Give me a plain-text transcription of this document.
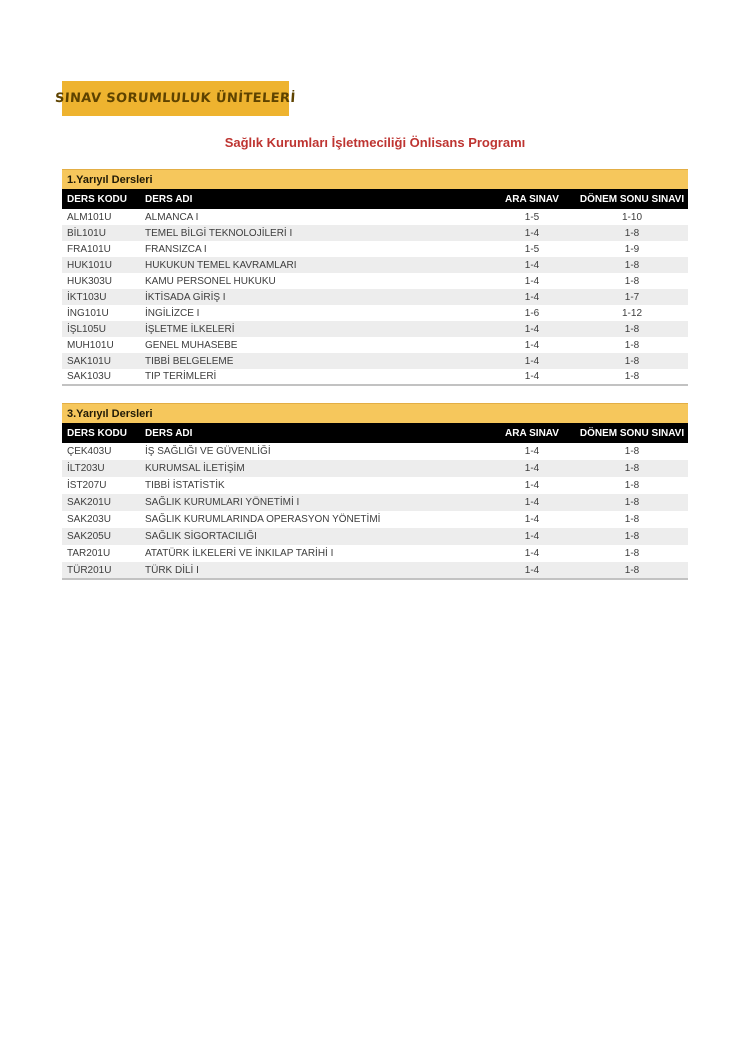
SINAV SORUMLULUK ÜNİTELERİ
Sağlık Kurumları İşletmeciliği Önlisans Programı
1.Yarıyıl Dersleri
DERS KODU	DERS ADI	ARA SINAV	DÖNEM SONU SINAVI
ALM101U	ALMANCA I	1-5	1-10
BİL101U	TEMEL BİLGİ TEKNOLOJİLERİ I	1-4	1-8
FRA101U	FRANSIZCA I	1-5	1-9
HUK101U	HUKUKUN TEMEL KAVRAMLARI	1-4	1-8
HUK303U	KAMU PERSONEL HUKUKU	1-4	1-8
İKT103U	İKTİSADA GİRİŞ I	1-4	1-7
İNG101U	İNGİLİZCE I	1-6	1-12
İŞL105U	İŞLETME İLKELERİ	1-4	1-8
MUH101U	GENEL MUHASEBE	1-4	1-8
SAK101U	TIBBİ BELGELEME	1-4	1-8
SAK103U	TIP TERİMLERİ	1-4	1-8
3.Yarıyıl Dersleri
DERS KODU	DERS ADI	ARA SINAV	DÖNEM SONU SINAVI
ÇEK403U	İŞ SAĞLIĞI VE GÜVENLİĞİ	1-4	1-8
İLT203U	KURUMSAL İLETİŞİM	1-4	1-8
İST207U	TIBBİ İSTATİSTİK	1-4	1-8
SAK201U	SAĞLIK KURUMLARI YÖNETİMİ I	1-4	1-8
SAK203U	SAĞLIK KURUMLARINDA OPERASYON YÖNETİMİ	1-4	1-8
SAK205U	SAĞLIK SİGORTACILIĞI	1-4	1-8
TAR201U	ATATÜRK İLKELERİ VE İNKILAP TARİHİ I	1-4	1-8
TÜR201U	TÜRK DİLİ I	1-4	1-8
